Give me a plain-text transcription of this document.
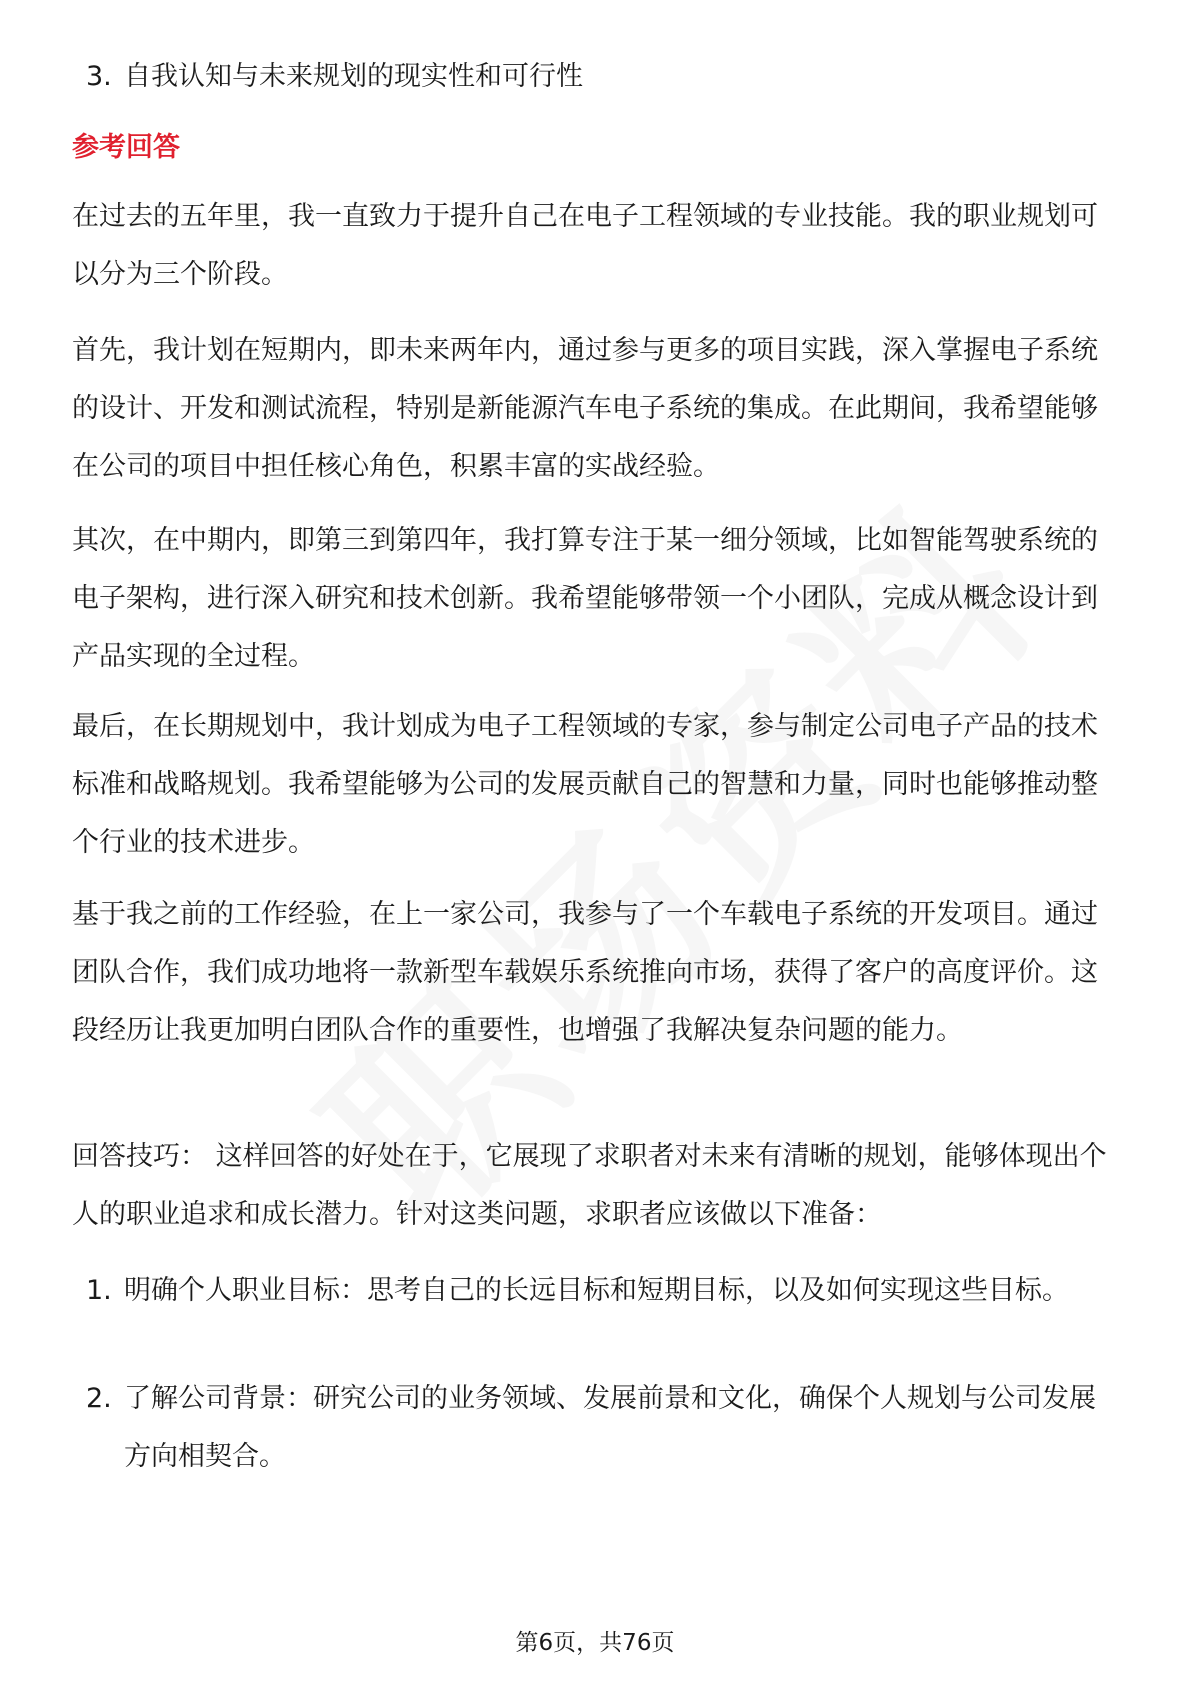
3. 自我认知与未来规划的现实性和可行性
参考回答
在过去的五年里，我一直致力于提升自己在电子工程领域的专业技能。我的职业规划可以分为三个阶段。
首先，我计划在短期内，即未来两年内，通过参与更多的项目实践，深入掌握电子系统的设计、开发和测试流程，特别是新能源汽车电子系统的集成。在此期间，我希望能够在公司的项目中担任核心角色，积累丰富的实战经验。
其次，在中期内，即第三到第四年，我打算专注于某一细分领域，比如智能驾驶系统的电子架构，进行深入研究和技术创新。我希望能够带领一个小团队，完成从概念设计到产品实现的全过程。
最后，在长期规划中，我计划成为电子工程领域的专家，参与制定公司电子产品的技术标准和战略规划。我希望能够为公司的发展贡献自己的智慧和力量，同时也能够推动整个行业的技术进步。
基于我之前的工作经验，在上一家公司，我参与了一个车载电子系统的开发项目。通过团队合作，我们成功地将一款新型车载娱乐系统推向市场，获得了客户的高度评价。这段经历让我更加明白团队合作的重要性，也增强了我解决复杂问题的能力。
回答技巧： 这样回答的好处在于，它展现了求职者对未来有清晰的规划，能够体现出个人的职业追求和成长潜力。针对这类问题，求职者应该做以下准备：
1. 明确个人职业目标：思考自己的长远目标和短期目标，以及如何实现这些目标。
2. 了解公司背景：研究公司的业务领域、发展前景和文化，确保个人规划与公司发展方向相契合。
第6页，共76页
